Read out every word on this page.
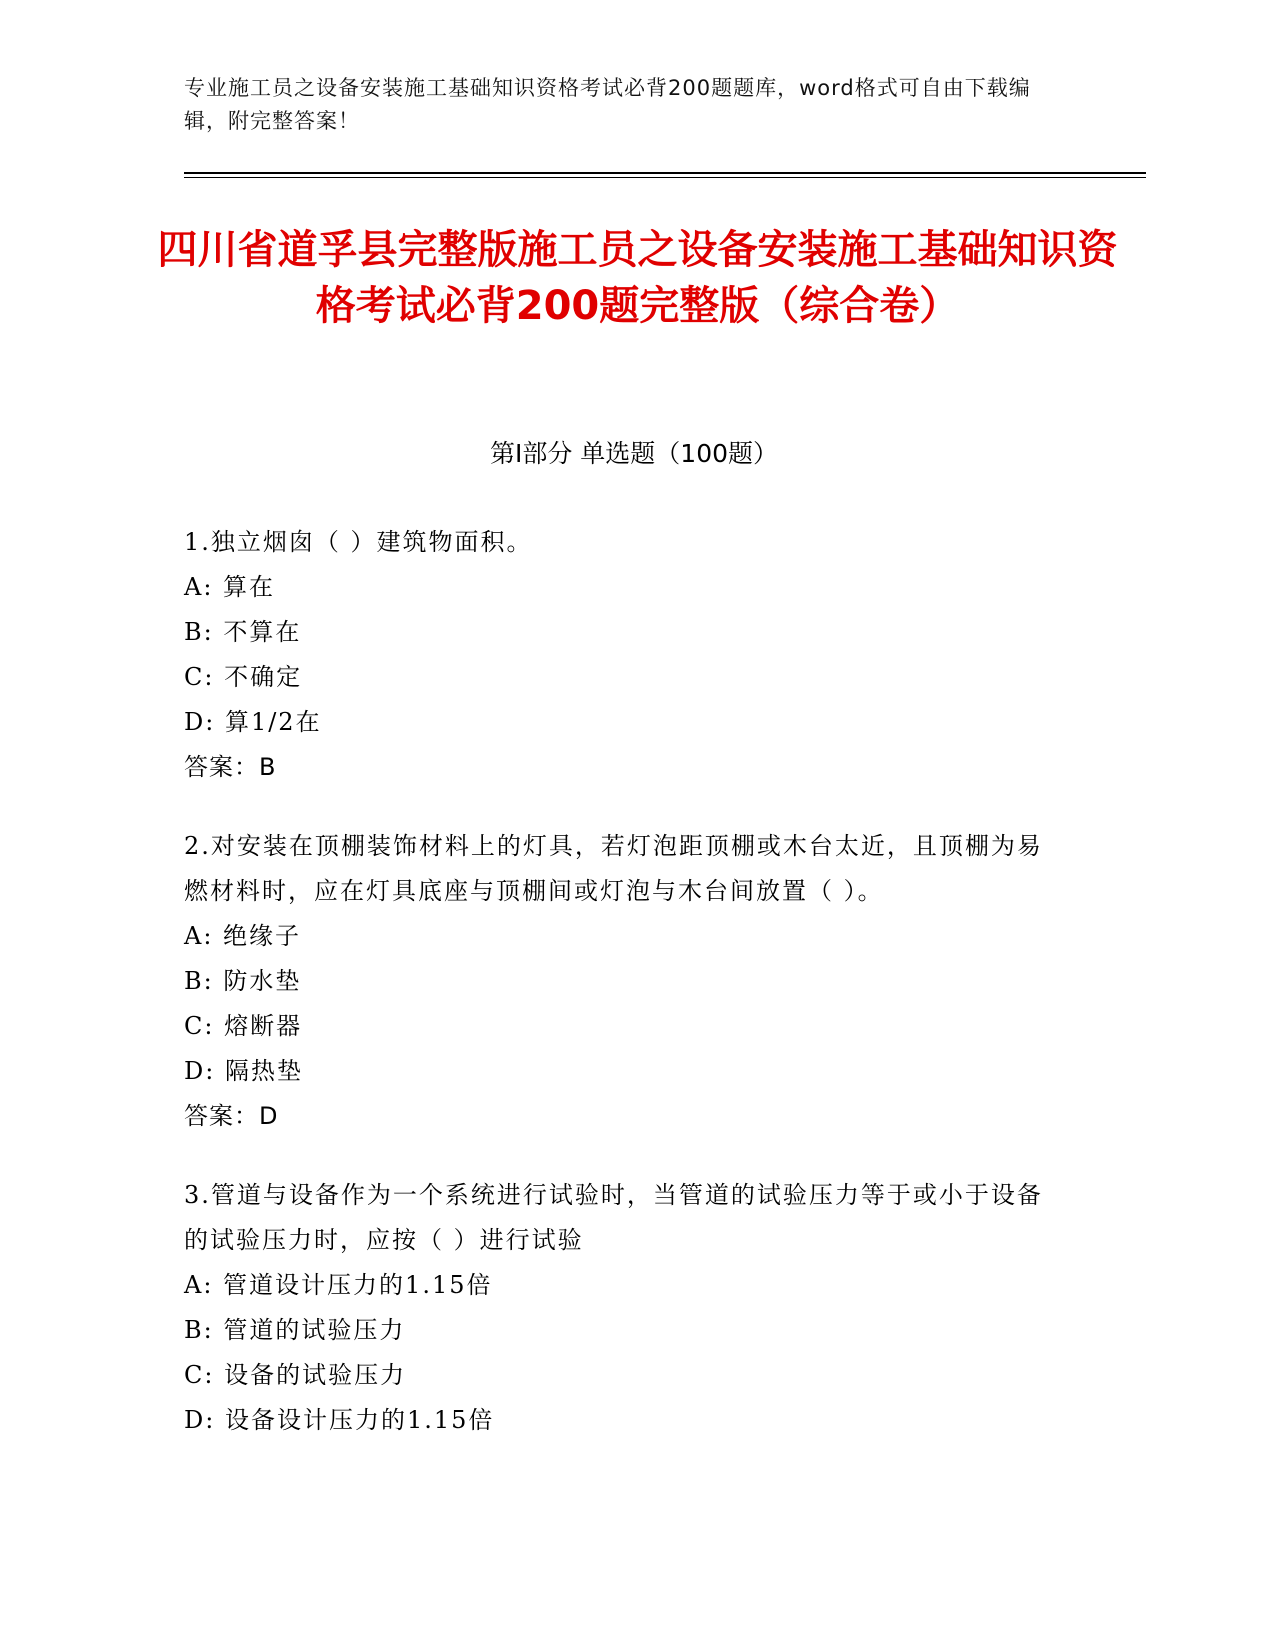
专业施工员之设备安装施工基础知识资格考试必背200题题库，word格式可自由下载编辑，附完整答案！
四川省道孚县完整版施工员之设备安装施工基础知识资格考试必背200题完整版（综合卷）
第I部分 单选题（100题）
1.独立烟囱（ ）建筑物面积。
A: 算在
B: 不算在
C: 不确定
D: 算1/2在
答案：B
2.对安装在顶棚装饰材料上的灯具，若灯泡距顶棚或木台太近，且顶棚为易燃材料时，应在灯具底座与顶棚间或灯泡与木台间放置（ ）。
A: 绝缘子
B: 防水垫
C: 熔断器
D: 隔热垫
答案：D
3.管道与设备作为一个系统进行试验时，当管道的试验压力等于或小于设备的试验压力时，应按（ ）进行试验
A: 管道设计压力的1.15倍
B: 管道的试验压力
C: 设备的试验压力
D: 设备设计压力的1.15倍
